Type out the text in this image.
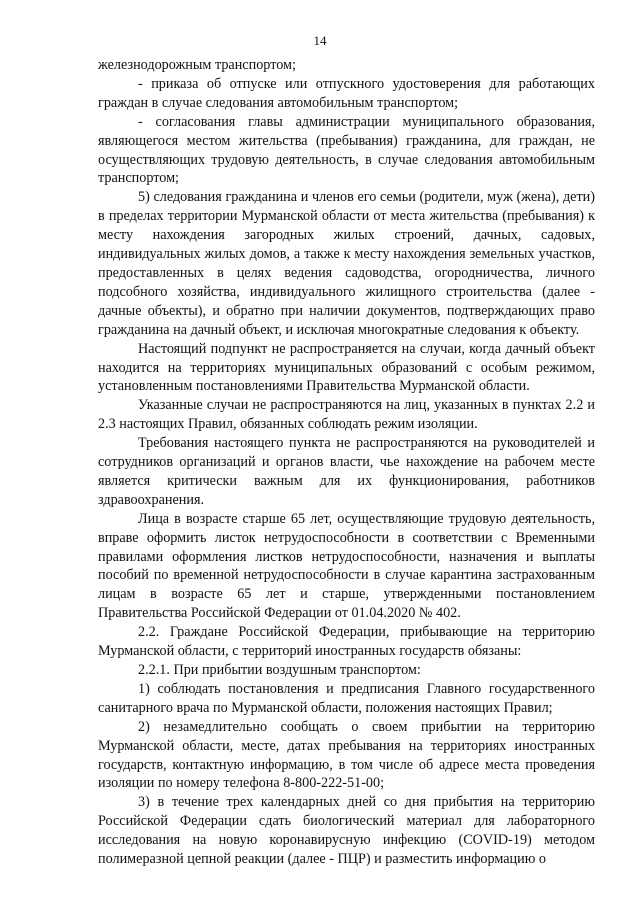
14

железнодорожным транспортом;

- приказа об отпуске или отпускного удостоверения для работающих граждан в случае следования автомобильным транспортом;

- согласования главы администрации муниципального образования, являющегося местом жительства (пребывания) гражданина, для граждан, не осуществляющих трудовую деятельность, в случае следования автомобильным транспортом;

5) следования гражданина и членов его семьи (родители, муж (жена), дети) в пределах территории Мурманской области от места жительства (пребывания) к месту нахождения загородных жилых строений, дачных, садовых, индивидуальных жилых домов, а также к месту нахождения земельных участков, предоставленных в целях ведения садоводства, огородничества, личного подсобного хозяйства, индивидуального жилищного строительства (далее - дачные объекты), и обратно при наличии документов, подтверждающих право гражданина на дачный объект, и исключая многократные следования к объекту.

Настоящий подпункт не распространяется на случаи, когда дачный объект находится на территориях муниципальных образований с особым режимом, установленным постановлениями Правительства Мурманской области.

Указанные случаи не распространяются на лиц, указанных в пунктах 2.2 и 2.3 настоящих Правил, обязанных соблюдать режим изоляции.

Требования настоящего пункта не распространяются на руководителей и сотрудников организаций и органов власти, чье нахождение на рабочем месте является критически важным для их функционирования, работников здравоохранения.

Лица в возрасте старше 65 лет, осуществляющие трудовую деятельность, вправе оформить листок нетрудоспособности в соответствии с Временными правилами оформления листков нетрудоспособности, назначения и выплаты пособий по временной нетрудоспособности в случае карантина застрахованным лицам в возрасте 65 лет и старше, утвержденными постановлением Правительства Российской Федерации от 01.04.2020 № 402.

2.2. Граждане Российской Федерации, прибывающие на территорию Мурманской области, с территорий иностранных государств обязаны:

2.2.1. При прибытии воздушным транспортом:

1) соблюдать постановления и предписания Главного государственного санитарного врача по Мурманской области, положения настоящих Правил;

2) незамедлительно сообщать о своем прибытии на территорию Мурманской области, месте, датах пребывания на территориях иностранных государств, контактную информацию, в том числе об адресе места проведения изоляции по номеру телефона 8-800-222-51-00;

3) в течение трех календарных дней со дня прибытия на территорию Российской Федерации сдать биологический материал для лабораторного исследования на новую коронавирусную инфекцию (COVID-19) методом полимеразной цепной реакции (далее - ПЦР) и разместить информацию о
